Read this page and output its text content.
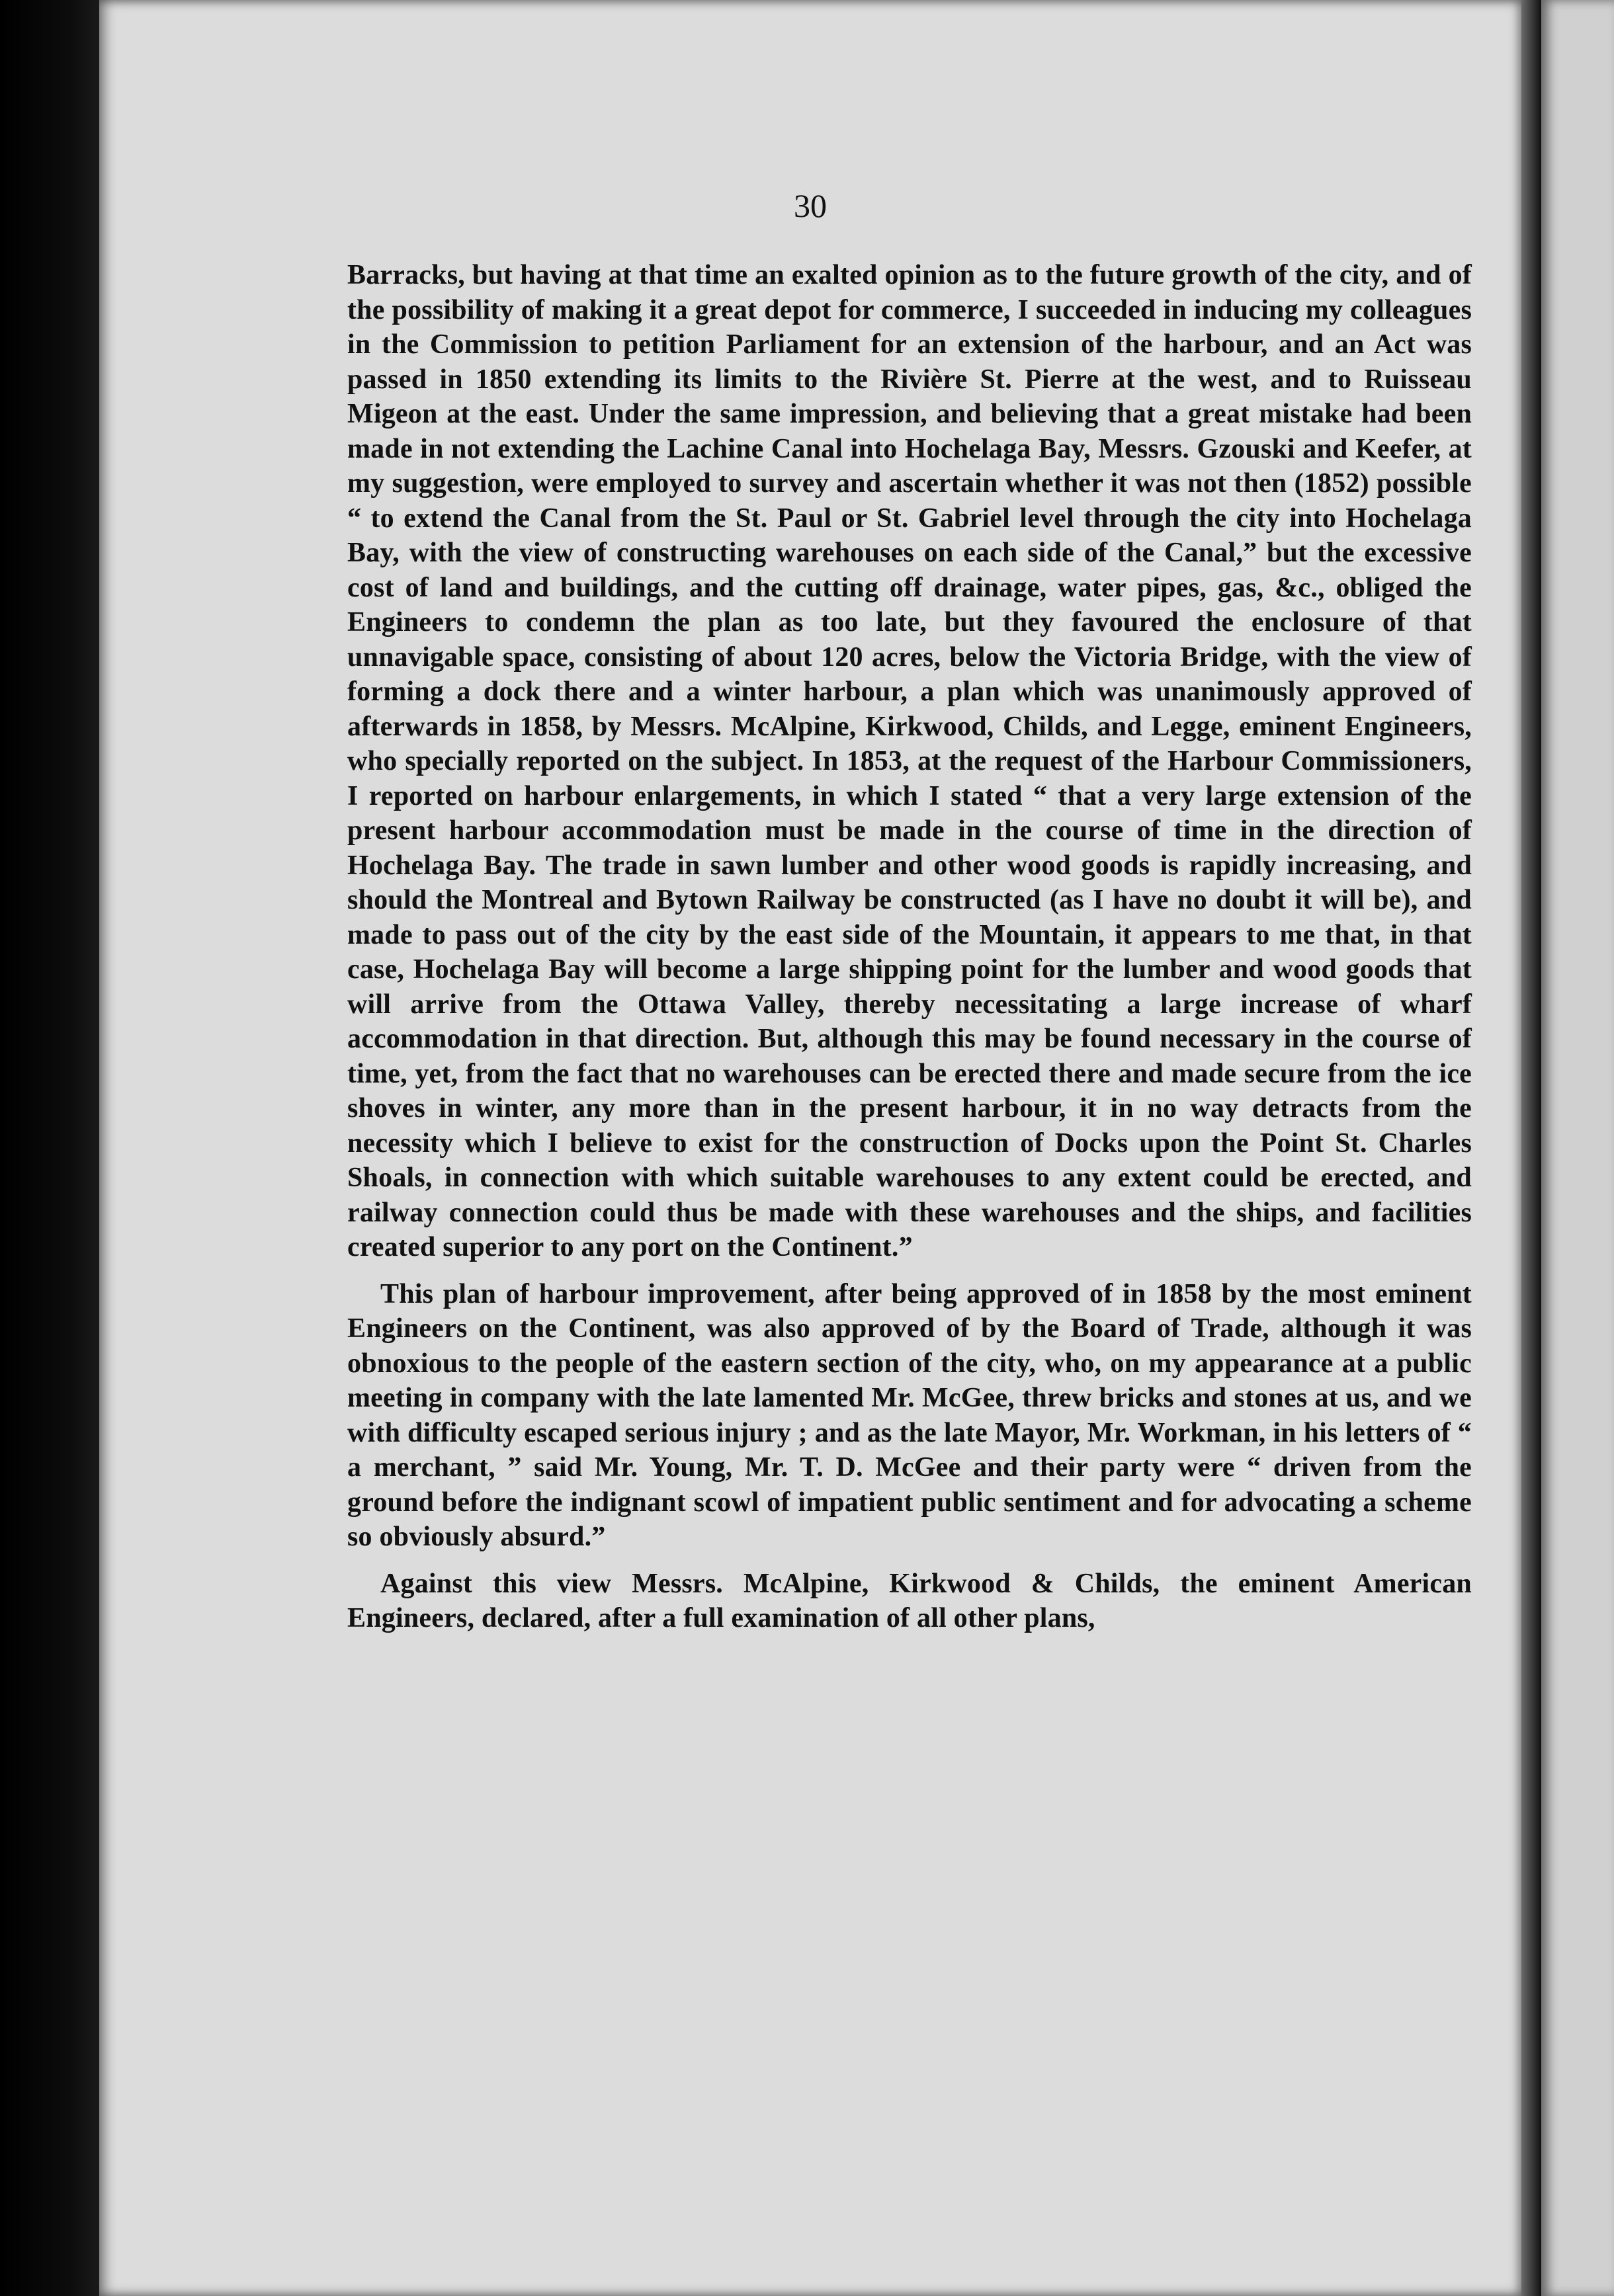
30

Barracks, but having at that time an exalted opinion as to the future growth of the city, and of the possibility of making it a great depot for commerce, I succeeded in inducing my colleagues in the Commission to petition Parliament for an extension of the harbour, and an Act was passed in 1850 extending its limits to the Rivière St. Pierre at the west, and to Ruisseau Migeon at the east. Under the same impression, and believing that a great mistake had been made in not extending the Lachine Canal into Hochelaga Bay, Messrs. Gzouski and Keefer, at my suggestion, were employed to survey and ascertain whether it was not then (1852) possible “ to extend the Canal from the St. Paul or St. Gabriel level through the city into Hochelaga Bay, with the view of constructing warehouses on each side of the Canal,” but the excessive cost of land and buildings, and the cutting off drainage, water pipes, gas, &c., obliged the Engineers to condemn the plan as too late, but they favoured the enclosure of that unnavigable space, consisting of about 120 acres, below the Victoria Bridge, with the view of forming a dock there and a winter harbour, a plan which was unanimously approved of afterwards in 1858, by Messrs. McAlpine, Kirkwood, Childs, and Legge, eminent Engineers, who specially reported on the subject. In 1853, at the request of the Harbour Commissioners, I reported on harbour enlargements, in which I stated “ that a very large extension of the present harbour accommodation must be made in the course of time in the direction of Hochelaga Bay. The trade in sawn lumber and other wood goods is rapidly increasing, and should the Montreal and Bytown Railway be constructed (as I have no doubt it will be), and made to pass out of the city by the east side of the Mountain, it appears to me that, in that case, Hochelaga Bay will become a large shipping point for the lumber and wood goods that will arrive from the Ottawa Valley, thereby necessitating a large increase of wharf accommodation in that direction. But, although this may be found necessary in the course of time, yet, from the fact that no warehouses can be erected there and made secure from the ice shoves in winter, any more than in the present harbour, it in no way detracts from the necessity which I believe to exist for the construction of Docks upon the Point St. Charles Shoals, in connection with which suitable warehouses to any extent could be erected, and railway connection could thus be made with these warehouses and the ships, and facilities created superior to any port on the Continent.”

This plan of harbour improvement, after being approved of in 1858 by the most eminent Engineers on the Continent, was also approved of by the Board of Trade, although it was obnoxious to the people of the eastern section of the city, who, on my appearance at a public meeting in company with the late lamented Mr. McGee, threw bricks and stones at us, and we with difficulty escaped serious injury ; and as the late Mayor, Mr. Workman, in his letters of “ a merchant, ” said Mr. Young, Mr. T. D. McGee and their party were “ driven from the ground before the indignant scowl of impatient public sentiment and for advocating a scheme so obviously absurd.”

Against this view Messrs. McAlpine, Kirkwood & Childs, the eminent American Engineers, declared, after a full examination of all other plans,
